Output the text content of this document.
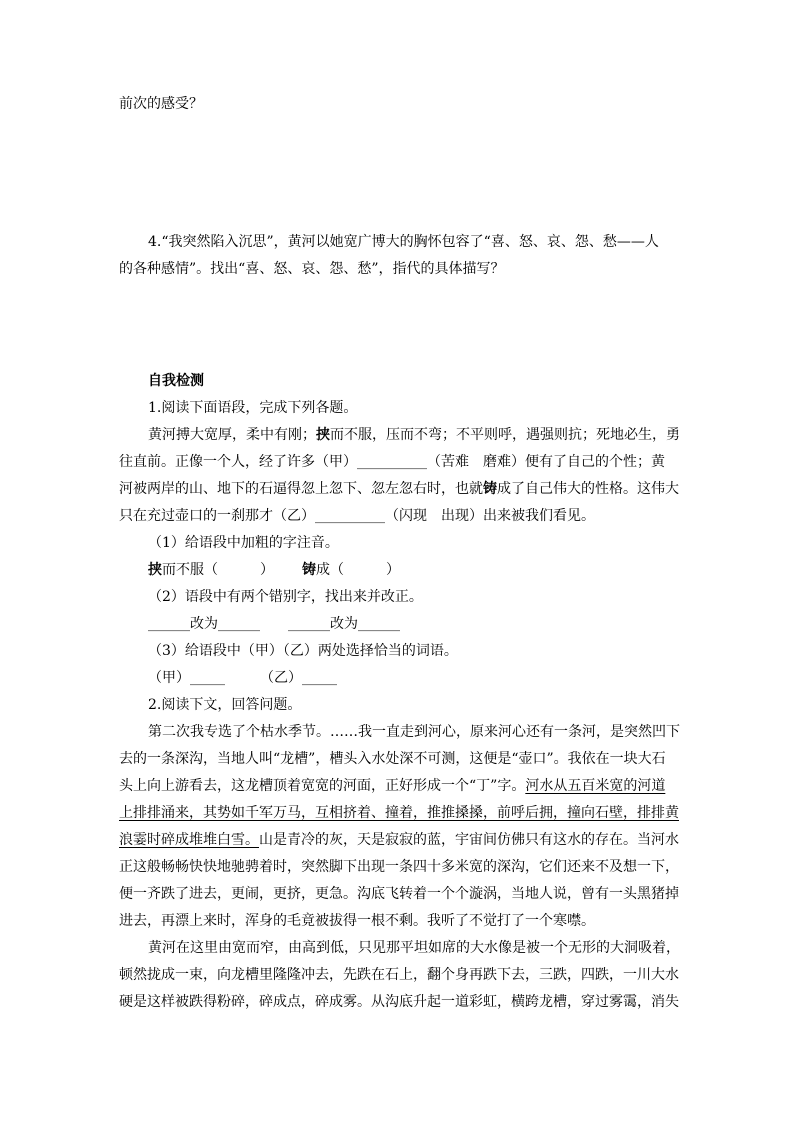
前次的感受？
4.“我突然陷入沉思”，黄河以她宽广博大的胸怀包容了“喜、怒、哀、怨、愁——人
的各种感情”。找出“喜、怒、哀、怨、愁”，指代的具体描写？
自我检测
1.阅读下面语段，完成下列各题。
黄河搏大宽厚，柔中有刚；挟而不服，压而不弯；不平则呼，遇强则抗；死地必生，勇
往直前。正像一个人，经了许多（甲）__________（苦难　磨难）便有了自己的个性；黄
河被两岸的山、地下的石逼得忽上忽下、忽左忽右时，也就铸成了自己伟大的性格。这伟大
只在充过壶口的一刹那才（乙）__________（闪现　出现）出来被我们看见。
（1）给语段中加粗的字注音。
挟而不服（　　　）	铸成（　　　）
（2）语段中有两个错别字，找出来并改正。
______改为______　　______改为______
（3）给语段中（甲）（乙）两处选择恰当的词语。
（甲）_____　　　（乙）_____
2.阅读下文，回答问题。
第二次我专选了个枯水季节。……我一直走到河心，原来河心还有一条河，是突然凹下
去的一条深沟，当地人叫“龙槽”，槽头入水处深不可测，这便是“壶口”。我依在一块大石
头上向上游看去，这龙槽顶着宽宽的河面，正好形成一个“丁”字。河水从五百米宽的河道
上排排涌来，其势如千军万马，互相挤着、撞着，推推搡搡，前呼后拥，撞向石壁，排排黄
浪霎时碎成堆堆白雪。山是青冷的灰，天是寂寂的蓝，宇宙间仿佛只有这水的存在。当河水
正这般畅畅快快地驰骋着时，突然脚下出现一条四十多米宽的深沟，它们还来不及想一下，
便一齐跌了进去，更闹，更挤，更急。沟底飞转着一个个漩涡，当地人说，曾有一头黑猪掉
进去，再漂上来时，浑身的毛竟被拔得一根不剩。我听了不觉打了一个寒噤。
黄河在这里由宽而窄，由高到低，只见那平坦如席的大水像是被一个无形的大洞吸着，
顿然拢成一束，向龙槽里隆隆冲去，先跌在石上，翻个身再跌下去，三跌，四跌，一川大水
硬是这样被跌得粉碎，碎成点，碎成雾。从沟底升起一道彩虹，横跨龙槽，穿过雾霭，消失
